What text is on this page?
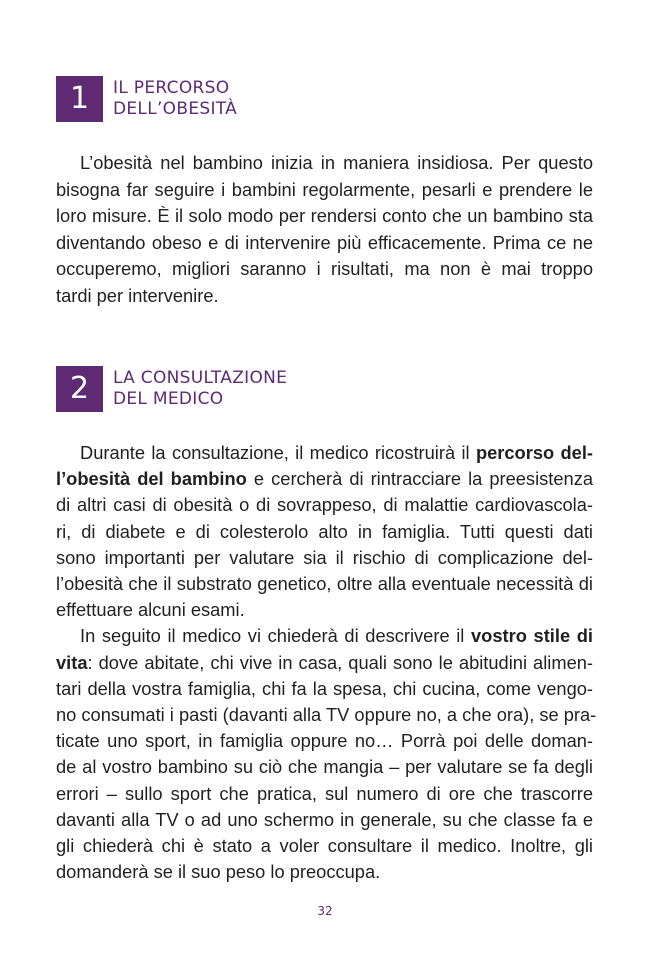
1	IL PERCORSO
DELL’OBESITÀ
L’obesità nel bambino inizia in maniera insidiosa. Per questo
bisogna far seguire i bambini regolarmente, pesarli e prendere le
loro misure. È il solo modo per rendersi conto che un bambino sta
diventando obeso e di intervenire più efficacemente. Prima ce ne
occuperemo, migliori saranno i risultati, ma non è mai troppo
tardi per intervenire.
2	LA CONSULTAZIONE
DEL MEDICO
Durante la consultazione, il medico ricostruirà il percorso del-
l’obesità del bambino e cercherà di rintracciare la preesistenza
di altri casi di obesità o di sovrappeso, di malattie cardiovascola-
ri, di diabete e di colesterolo alto in famiglia. Tutti questi dati
sono importanti per valutare sia il rischio di complicazione del-
l’obesità che il substrato genetico, oltre alla eventuale necessità di
effettuare alcuni esami.
In seguito il medico vi chiederà di descrivere il vostro stile di
vita: dove abitate, chi vive in casa, quali sono le abitudini alimen-
tari della vostra famiglia, chi fa la spesa, chi cucina, come vengo-
no consumati i pasti (davanti alla TV oppure no, a che ora), se pra-
ticate uno sport, in famiglia oppure no… Porrà poi delle doman-
de al vostro bambino su ciò che mangia – per valutare se fa degli
errori – sullo sport che pratica, sul numero di ore che trascorre
davanti alla TV o ad uno schermo in generale, su che classe fa e
gli chiederà chi è stato a voler consultare il medico. Inoltre, gli
domanderà se il suo peso lo preoccupa.
32
